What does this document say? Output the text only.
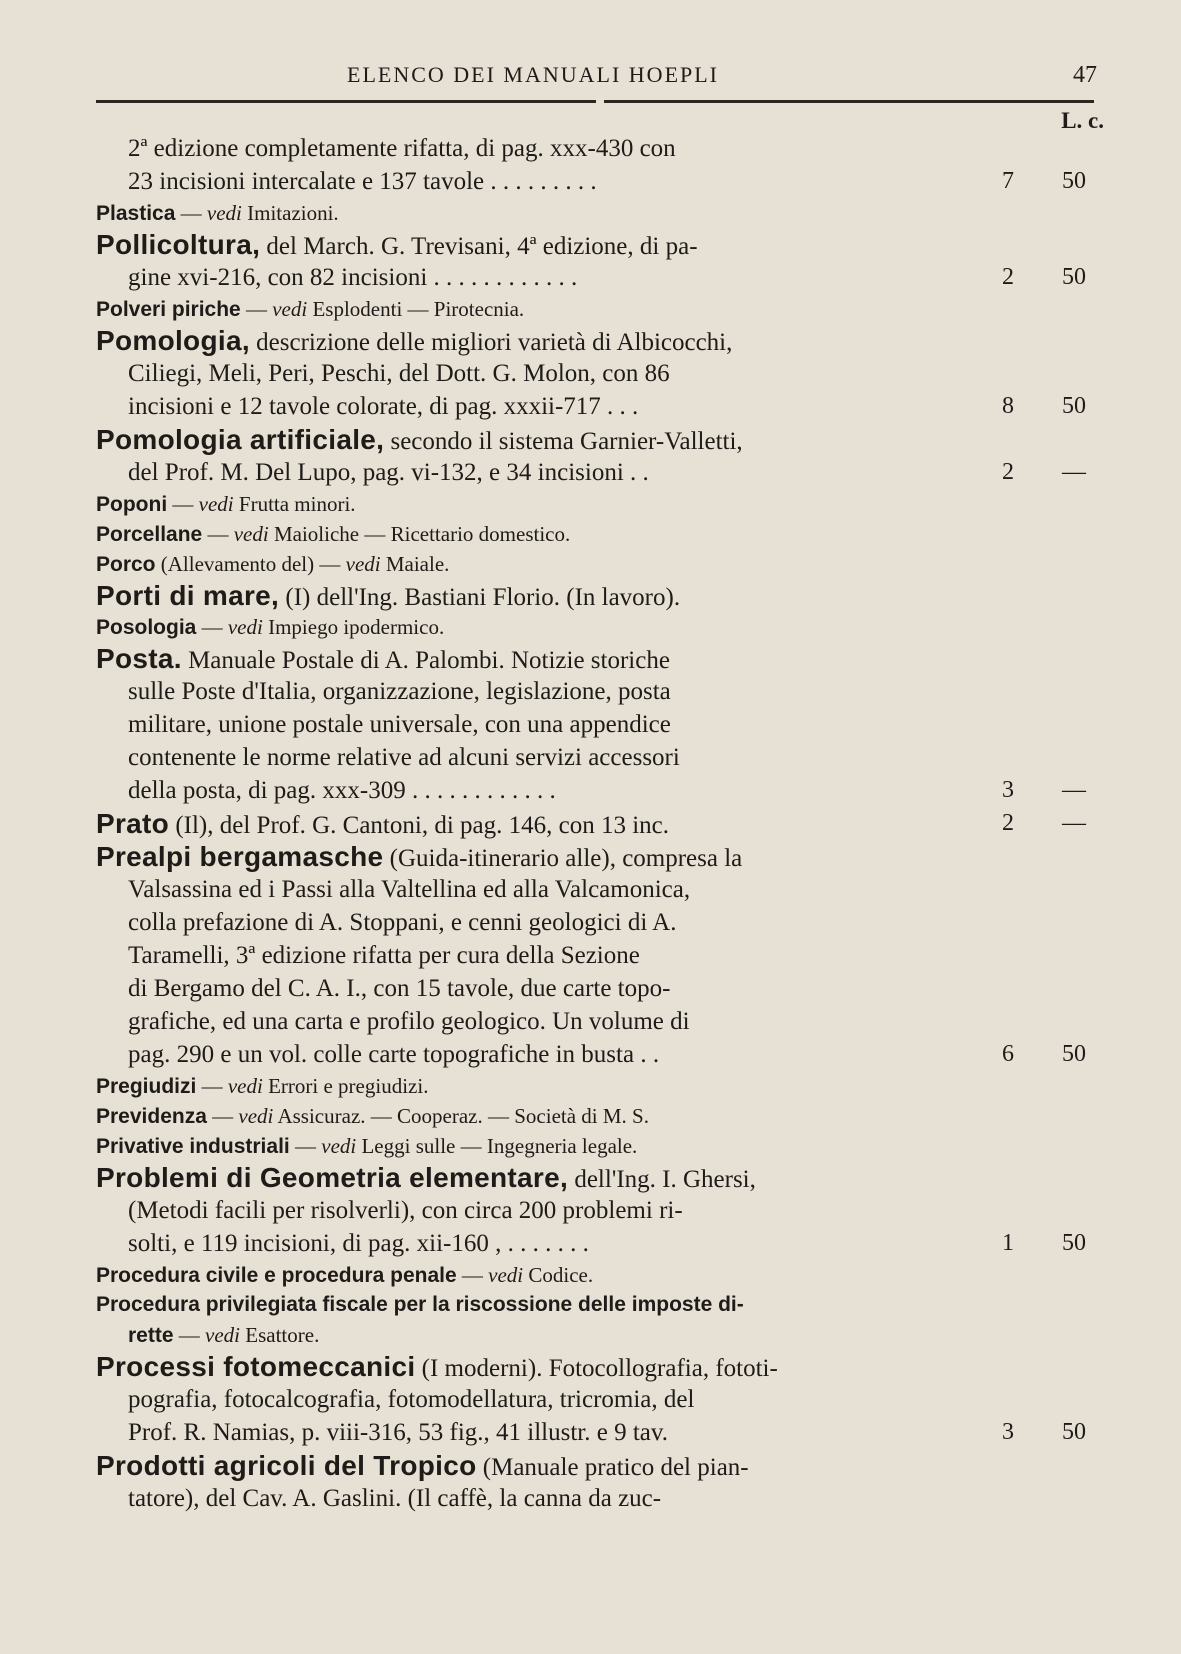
ELENCO DEI MANUALI HOEPLI	47
L. c.
2ª edizione completamente rifatta, di pag. xxx-430 con
23 incisioni intercalate e 137 tavole . . . . . . . . .	7 50
Plastica — vedi Imitazioni.
Pollicoltura, del March. G. Trevisani, 4ª edizione, di pa-
gine xvi-216, con 82 incisioni . . . . . . . . . . . .	2 50
Polveri piriche — vedi Esplodenti — Pirotecnia.
Pomologia, descrizione delle migliori varietà di Albicocchi,
Ciliegi, Meli, Peri, Peschi, del Dott. G. Molon, con 86
incisioni e 12 tavole colorate, di pag. xxxii-717 . . .	8 50
Pomologia artificiale, secondo il sistema Garnier-Valletti,
del Prof. M. Del Lupo, pag. vi-132, e 34 incisioni . .	2 —
Poponi — vedi Frutta minori.
Porcellane — vedi Maioliche — Ricettario domestico.
Porco (Allevamento del) — vedi Maiale.
Porti di mare, (I) dell'Ing. Bastiani Florio. (In lavoro).
Posologia — vedi Impiego ipodermico.
Posta. Manuale Postale di A. Palombi. Notizie storiche
sulle Poste d'Italia, organizzazione, legislazione, posta
militare, unione postale universale, con una appendice
contenente le norme relative ad alcuni servizi accessori
della posta, di pag. xxx-309 . . . . . . . . . . . .	3 —
Prato (Il), del Prof. G. Cantoni, di pag. 146, con 13 inc.	2 —
Prealpi bergamasche (Guida-itinerario alle), compresa la
Valsassina ed i Passi alla Valtellina ed alla Valcamonica,
colla prefazione di A. Stoppani, e cenni geologici di A.
Taramelli, 3ª edizione rifatta per cura della Sezione
di Bergamo del C. A. I., con 15 tavole, due carte topo-
grafiche, ed una carta e profilo geologico. Un volume di
pag. 290 e un vol. colle carte topografiche in busta . .	6 50
Pregiudizi — vedi Errori e pregiudizi.
Previdenza — vedi Assicuraz. — Cooperaz. — Società di M. S.
Privative industriali — vedi Leggi sulle — Ingegneria legale.
Problemi di Geometria elementare, dell'Ing. I. Ghersi,
(Metodi facili per risolverli), con circa 200 problemi ri-
solti, e 119 incisioni, di pag. xii-160 , . . . . . . .	1 50
Procedura civile e procedura penale — vedi Codice.
Procedura privilegiata fiscale per la riscossione delle imposte di-
rette — vedi Esattore.
Processi fotomeccanici (I moderni). Fotocollografia, fototi-
pografia, fotocalcografia, fotomodellatura, tricromia, del
Prof. R. Namias, p. viii-316, 53 fig., 41 illustr. e 9 tav.	3 50
Prodotti agricoli del Tropico (Manuale pratico del pian-
tatore), del Cav. A. Gaslini. (Il caffè, la canna da zuc-
